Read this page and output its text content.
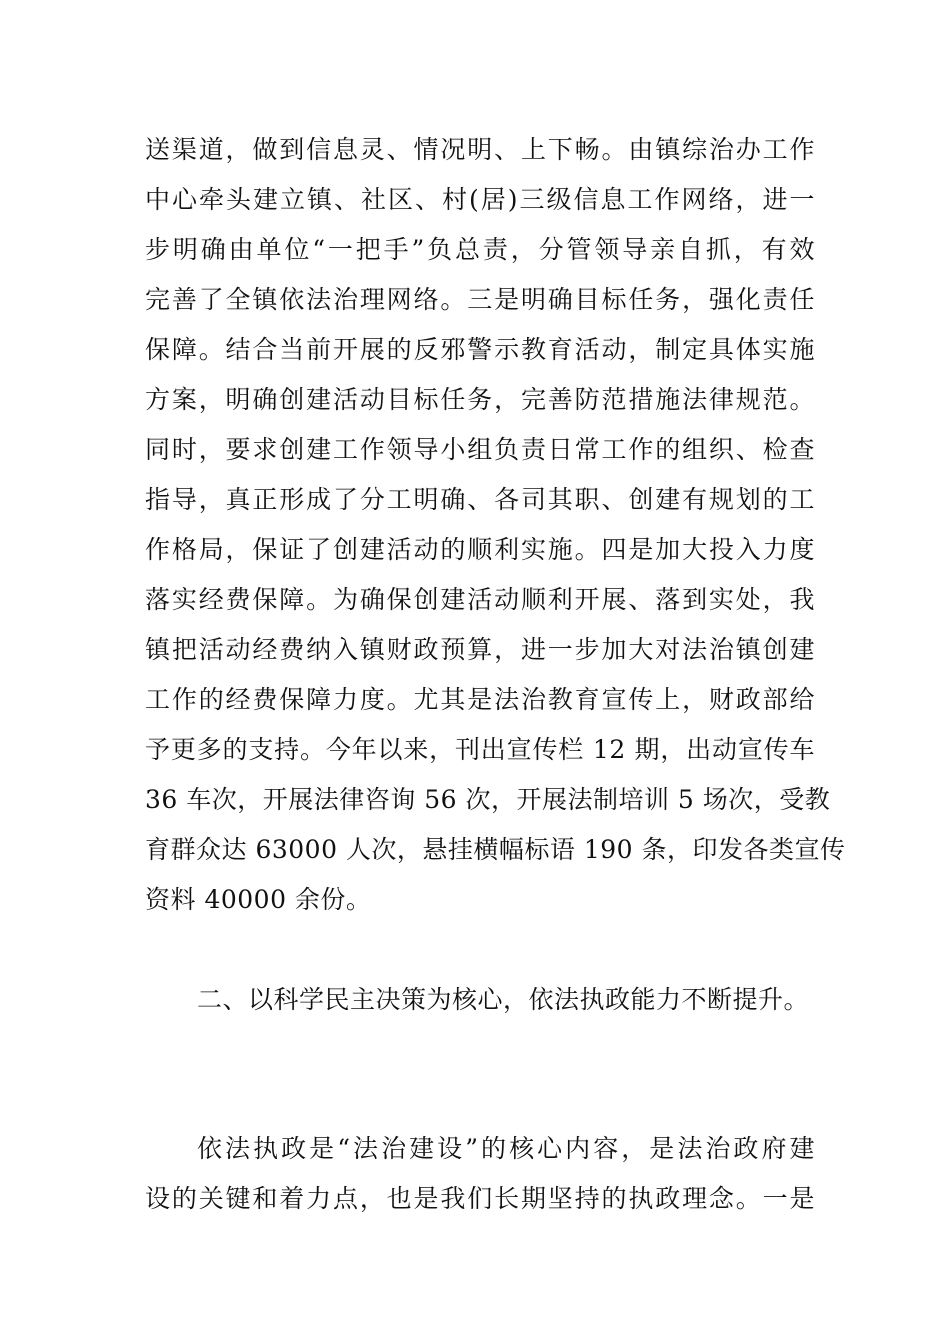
送渠道，做到信息灵、情况明、上下畅。由镇综治办工作
中心牵头建立镇、社区、村(居)三级信息工作网络，进一
步明确由单位“一把手”负总责，分管领导亲自抓，有效
完善了全镇依法治理网络。三是明确目标任务，强化责任
保障。结合当前开展的反邪警示教育活动，制定具体实施
方案，明确创建活动目标任务，完善防范措施法律规范。
同时，要求创建工作领导小组负责日常工作的组织、检查
指导，真正形成了分工明确、各司其职、创建有规划的工
作格局，保证了创建活动的顺利实施。四是加大投入力度
落实经费保障。为确保创建活动顺利开展、落到实处，我
镇把活动经费纳入镇财政预算，进一步加大对法治镇创建
工作的经费保障力度。尤其是法治教育宣传上，财政部给
予更多的支持。今年以来，刊出宣传栏 12 期，出动宣传车
36 车次，开展法律咨询 56 次，开展法制培训 5 场次，受教
育群众达 63000 人次，悬挂横幅标语 190 条，印发各类宣传
资料 40000 余份。
二、以科学民主决策为核心，依法执政能力不断提升。
依法执政是“法治建设”的核心内容，是法治政府建
设的关键和着力点，也是我们长期坚持的执政理念。一是
